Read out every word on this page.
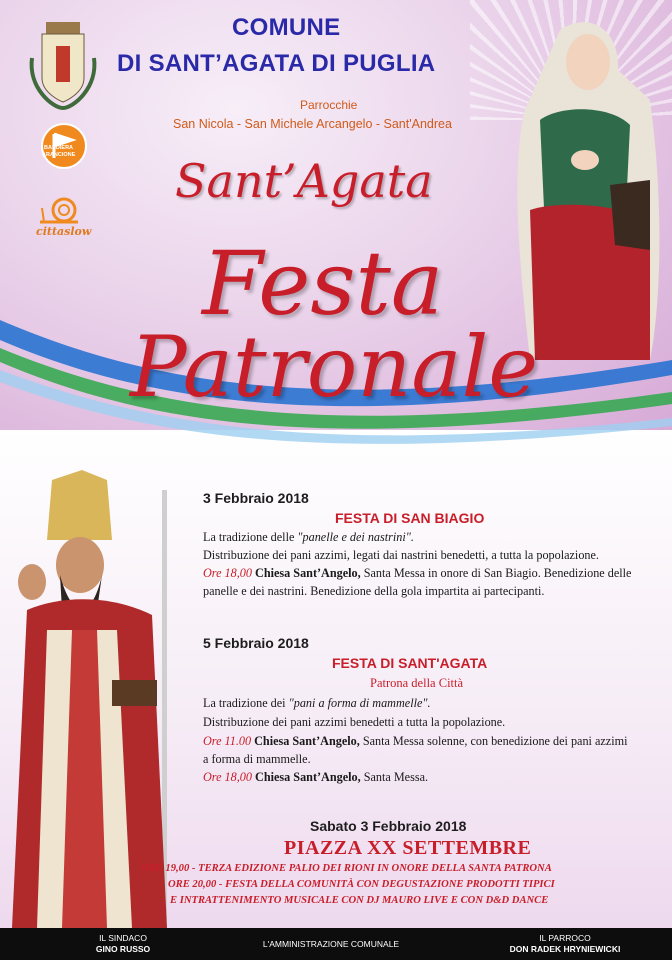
BANDIERA
ARANCIONE
cittaslow
COMUNE
DI SANT’AGATA DI PUGLIA
Parrocchie
San Nicola - San Michele Arcangelo - Sant'Andrea
Sant’Agata
Festa
Patronale
3 Febbraio 2018
FESTA DI SAN BIAGIO

La tradizione delle "panelle e dei nastrini".

Distribuzione dei pani azzimi, legati dai nastrini benedetti, a tutta la popolazione.

Ore 18,00 Chiesa Sant’Angelo, Santa Messa in onore di San Biagio. Benedizione delle

panelle e dei nastrini. Benedizione della gola impartita ai partecipanti.

5 Febbraio 2018
FESTA DI SANT'AGATA
Patrona della Città

La tradizione dei "pani a forma di mammelle".

Distribuzione dei pani azzimi benedetti a tutta la popolazione.

Ore 11.00 Chiesa Sant’Angelo, Santa Messa solenne, con benedizione dei pani azzimi

a forma di mammelle.

Ore 18,00 Chiesa Sant’Angelo, Santa Messa.

Sabato 3 Febbraio 2018
PIAZZA XX SETTEMBRE
ORE 19,00 - TERZA EDIZIONE PALIO DEI RIONI IN ONORE DELLA SANTA PATRONA
ORE 20,00 - FESTA DELLA COMUNITÀ CON DEGUSTAZIONE PRODOTTI TIPICI
E INTRATTENIMENTO MUSICALE CON DJ MAURO LIVE E CON D&D DANCE
IL SINDACO
GINO RUSSO	L'AMMINISTRAZIONE COMUNALE
IL PARROCO
DON RADEK HRYNIEWICKI
